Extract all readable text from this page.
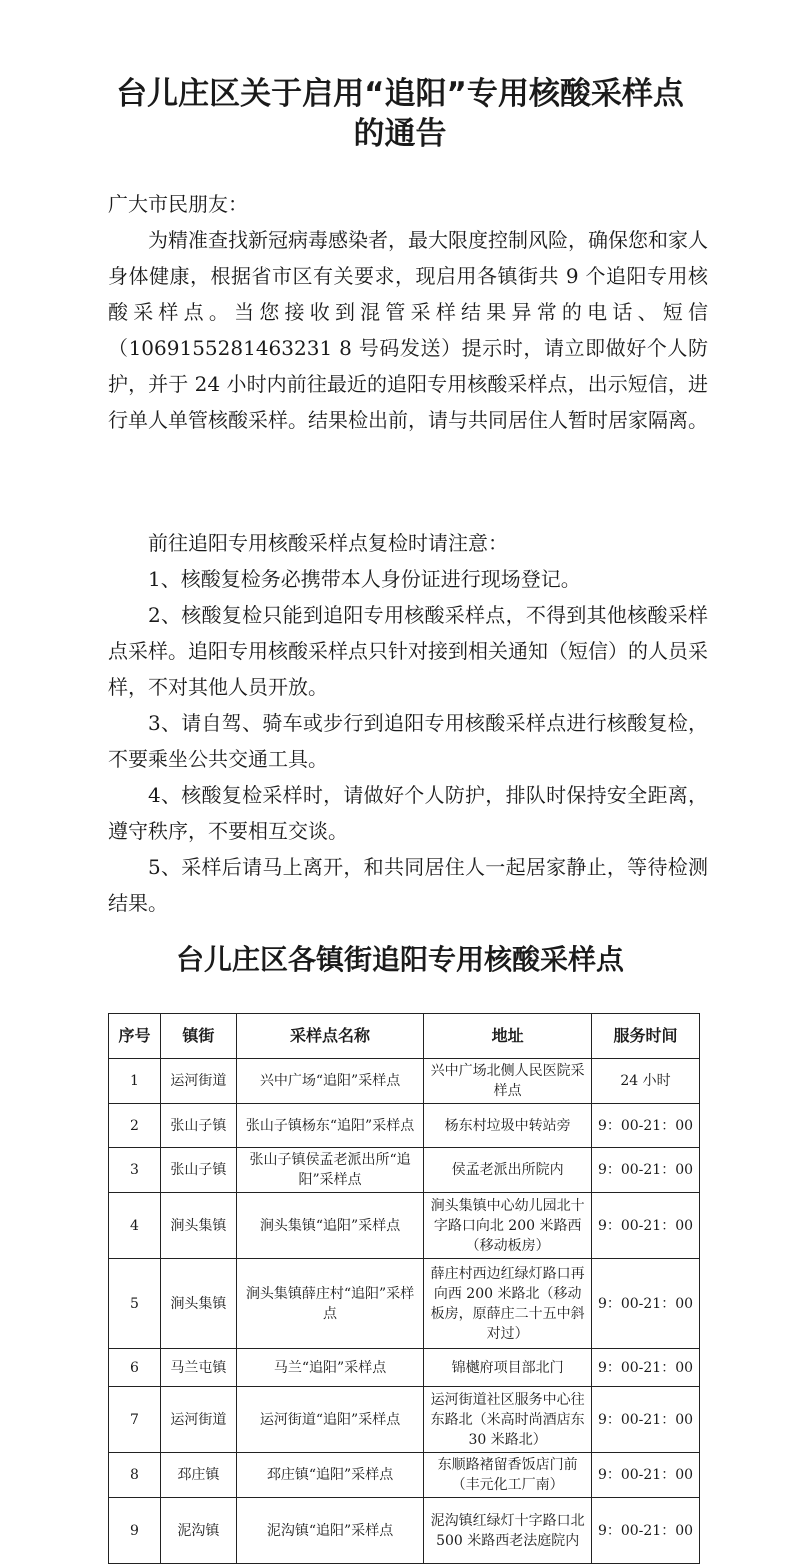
台儿庄区关于启用“追阳”专用核酸采样点
的通告
广大市民朋友：
为精准查找新冠病毒感染者，最大限度控制风险，确保您和家人身体健康，根据省市区有关要求，现启用各镇街共 9 个追阳专用核酸采样点。当您接收到混管采样结果异常的电话、短信（1069155281463231 8 号码发送）提示时，请立即做好个人防护，并于 24 小时内前往最近的追阳专用核酸采样点，出示短信，进行单人单管核酸采样。结果检出前，请与共同居住人暂时居家隔离。
前往追阳专用核酸采样点复检时请注意：
1、核酸复检务必携带本人身份证进行现场登记。
2、核酸复检只能到追阳专用核酸采样点，不得到其他核酸采样点采样。追阳专用核酸采样点只针对接到相关通知（短信）的人员采样，不对其他人员开放。
3、请自驾、骑车或步行到追阳专用核酸采样点进行核酸复检，不要乘坐公共交通工具。
4、核酸复检采样时，请做好个人防护，排队时保持安全距离，遵守秩序，不要相互交谈。
5、采样后请马上离开，和共同居住人一起居家静止，等待检测结果。
台儿庄区各镇街追阳专用核酸采样点
序号	镇街	采样点名称	地址	服务时间
1	运河街道	兴中广场“追阳”采样点	兴中广场北侧人民医院采样点	24 小时
2	张山子镇	张山子镇杨东“追阳”采样点	杨东村垃圾中转站旁	9：00-21：00
3	张山子镇	张山子镇侯孟老派出所“追阳”采样点	侯孟老派出所院内	9：00-21：00
4	涧头集镇	涧头集镇“追阳”采样点	涧头集镇中心幼儿园北十字路口向北 200 米路西（移动板房）	9：00-21：00
5	涧头集镇	涧头集镇薛庄村“追阳”采样点	薛庄村西边红绿灯路口再向西 200 米路北（移动板房，原薛庄二十五中斜对过）	9：00-21：00
6	马兰屯镇	马兰“追阳”采样点	锦樾府项目部北门	9：00-21：00
7	运河街道	运河街道“追阳”采样点	运河街道社区服务中心往东路北（米高时尚酒店东 30 米路北）	9：00-21：00
8	邳庄镇	邳庄镇“追阳”采样点	东顺路褚留香饭店门前（丰元化工厂南）	9：00-21：00
9	泥沟镇	泥沟镇“追阳”采样点	泥沟镇红绿灯十字路口北 500 米路西老法庭院内	9：00-21：00
